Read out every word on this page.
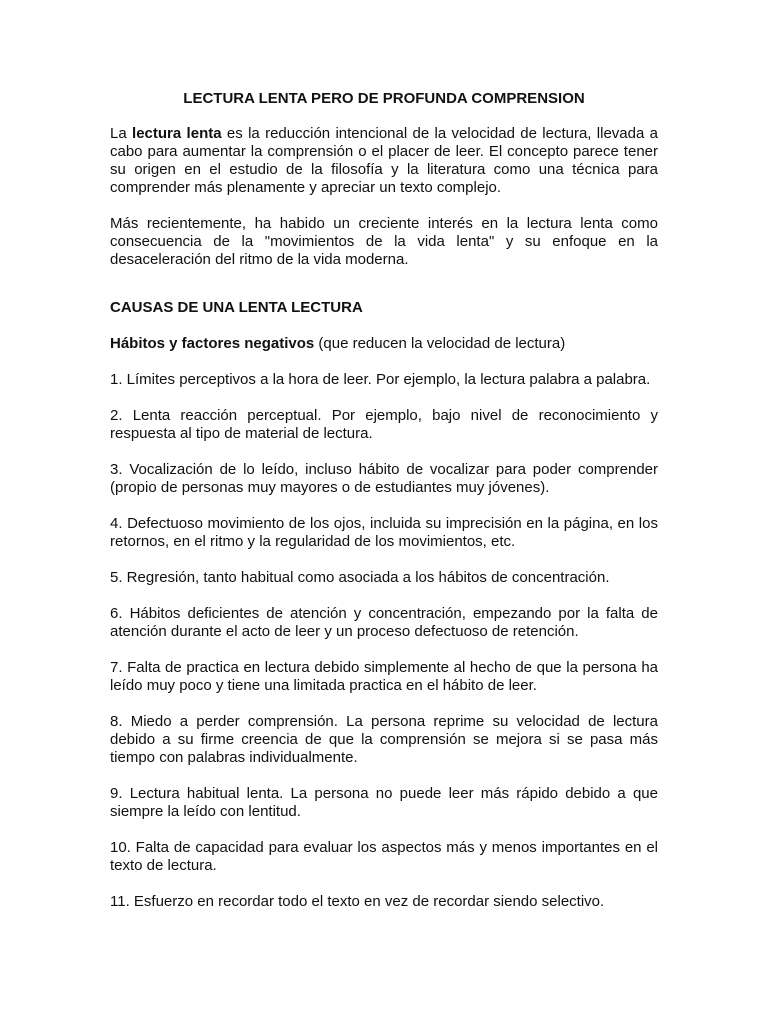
LECTURA LENTA PERO DE PROFUNDA COMPRENSION

La lectura lenta es la reducción intencional de la velocidad de lectura, llevada a cabo para aumentar la comprensión o el placer de leer. El concepto parece tener su origen en el estudio de la filosofía y la literatura como una técnica para comprender más plenamente y apreciar un texto complejo.

Más recientemente, ha habido un creciente interés en la lectura lenta como consecuencia de la "movimientos de la vida lenta" y su enfoque en la desaceleración del ritmo de la vida moderna.

CAUSAS DE UNA LENTA LECTURA

Hábitos y factores negativos (que reducen la velocidad de lectura)

1. Límites perceptivos a la hora de leer. Por ejemplo, la lectura palabra a palabra.

2. Lenta reacción perceptual. Por ejemplo, bajo nivel de reconocimiento y respuesta al tipo de material de lectura.

3. Vocalización de lo leído, incluso hábito de vocalizar para poder comprender (propio de personas muy mayores o de estudiantes muy jóvenes).

4. Defectuoso movimiento de los ojos, incluida su imprecisión en la página, en los retornos, en el ritmo y la regularidad de los movimientos, etc.

5. Regresión, tanto habitual como asociada a los hábitos de concentración.

6. Hábitos deficientes de atención y concentración, empezando por la falta de atención durante el acto de leer y un proceso defectuoso de retención.

7. Falta de practica en lectura debido simplemente al hecho de que la persona ha leído muy poco y tiene una limitada practica en el hábito de leer.

8. Miedo a perder comprensión. La persona reprime su velocidad de lectura debido a su firme creencia de que la comprensión se mejora si se pasa más tiempo con palabras individualmente.

9. Lectura habitual lenta. La persona no puede leer más rápido debido a que siempre la leído con lentitud.

10. Falta de capacidad para evaluar los aspectos más y menos importantes en el texto de lectura.

11. Esfuerzo en recordar todo el texto en vez de recordar siendo selectivo.
